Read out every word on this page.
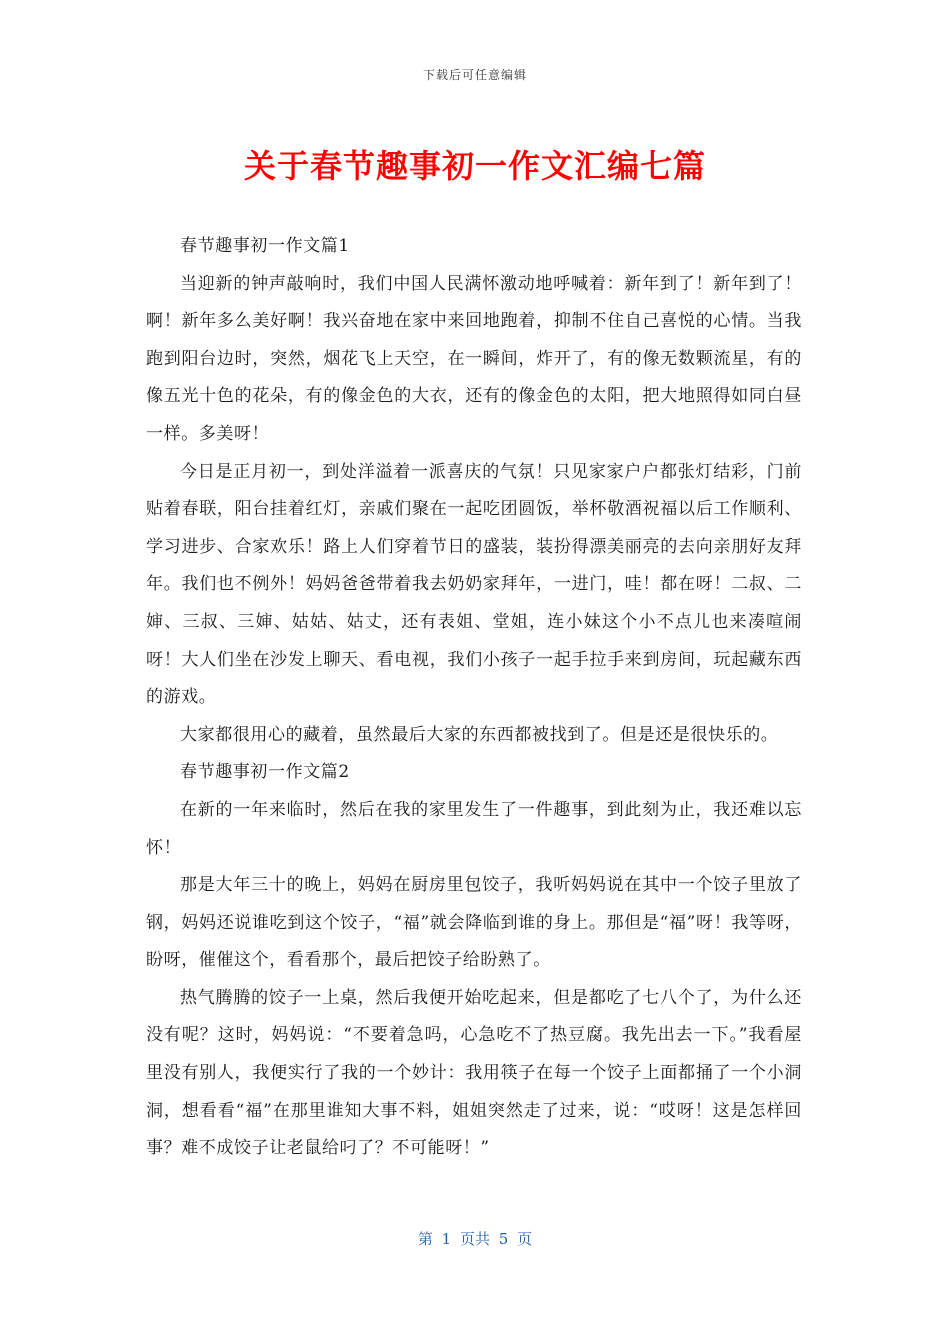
下载后可任意编辑
关于春节趣事初一作文汇编七篇

春节趣事初一作文篇1

当迎新的钟声敲响时，我们中国人民满怀激动地呼喊着：新年到了！新年到了！啊！新年多么美好啊！我兴奋地在家中来回地跑着，抑制不住自己喜悦的心情。当我跑到阳台边时，突然，烟花飞上天空，在一瞬间，炸开了，有的像无数颗流星，有的像五光十色的花朵，有的像金色的大衣，还有的像金色的太阳，把大地照得如同白昼一样。多美呀！

今日是正月初一，到处洋溢着一派喜庆的气氛！只见家家户户都张灯结彩，门前贴着春联，阳台挂着红灯，亲戚们聚在一起吃团圆饭，举杯敬酒祝福以后工作顺利、学习进步、合家欢乐！路上人们穿着节日的盛装，装扮得漂美丽亮的去向亲朋好友拜年。我们也不例外！妈妈爸爸带着我去奶奶家拜年，一进门，哇！都在呀！二叔、二婶、三叔、三婶、姑姑、姑丈，还有表姐、堂姐，连小妹这个小不点儿也来凑喧闹呀！大人们坐在沙发上聊天、看电视，我们小孩子一起手拉手来到房间，玩起藏东西的游戏。

大家都很用心的藏着，虽然最后大家的东西都被找到了。但是还是很快乐的。

春节趣事初一作文篇2

在新的一年来临时，然后在我的家里发生了一件趣事，到此刻为止，我还难以忘怀！

那是大年三十的晚上，妈妈在厨房里包饺子，我听妈妈说在其中一个饺子里放了钢，妈妈还说谁吃到这个饺子，“福”就会降临到谁的身上。那但是“福”呀！我等呀，盼呀，催催这个，看看那个，最后把饺子给盼熟了。

热气腾腾的饺子一上桌，然后我便开始吃起来，但是都吃了七八个了，为什么还没有呢？这时，妈妈说：“不要着急吗，心急吃不了热豆腐。我先出去一下。”我看屋里没有别人，我便实行了我的一个妙计：我用筷子在每一个饺子上面都捅了一个小洞洞，想看看“福”在那里谁知大事不料，姐姐突然走了过来，说：“哎呀！这是怎样回事？难不成饺子让老鼠给叼了？不可能呀！”

第 1 页共 5 页
